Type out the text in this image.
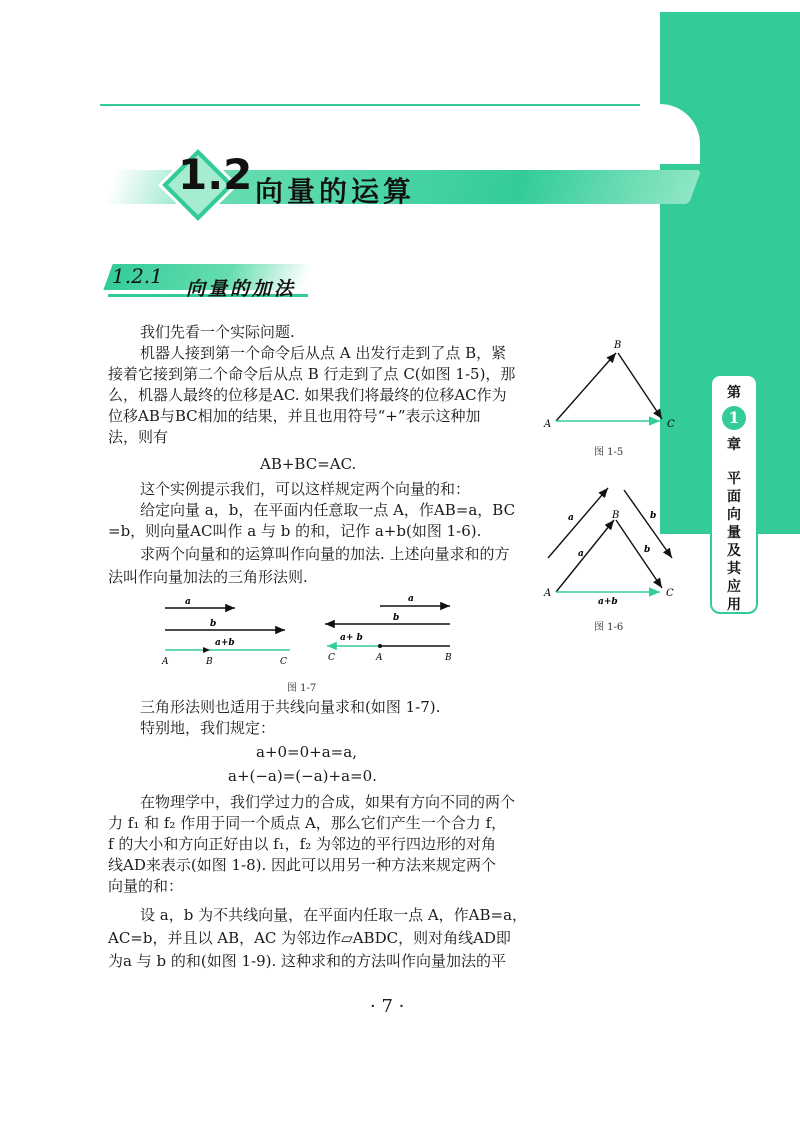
第
1
章
平
面
向
量
及
其
应
用
1.2 向量的运算
1.2.1
向量的加法
我们先看一个实际问题.
机器人接到第一个命令后从点 A 出发行走到了点 B，紧
接着它接到第二个命令后从点 B 行走到了点 C(如图 1-5)，那
么，机器人最终的位移是AC. 如果我们将最终的位移AC作为
位移AB与BC相加的结果，并且也用符号“+”表示这种加
法，则有
AB+BC=AC.
这个实例提示我们，可以这样规定两个向量的和：
给定向量 a，b，在平面内任意取一点 A，作AB=a，BC
=b，则向量AC叫作 a 与 b 的和，记作 a+b(如图 1-6).
求两个向量和的运算叫作向量的加法. 上述向量求和的方
法叫作向量加法的三角形法则.
a
b
a+b
A	B	C
a
b
a+ b
C	A	B
图 1-7
三角形法则也适用于共线向量求和(如图 1-7).
特别地，我们规定：
a+0=0+a=a,
a+(−a)=(−a)+a=0.
在物理学中，我们学过力的合成，如果有方向不同的两个
力 f₁ 和 f₂ 作用于同一个质点 A，那么它们产生一个合力 f，
f 的大小和方向正好由以 f₁，f₂ 为邻边的平行四边形的对角
线AD来表示(如图 1-8). 因此可以用另一种方法来规定两个
向量的和：
设 a，b 为不共线向量，在平面内任取一点 A，作AB=a，
AC=b，并且以 AB，AC 为邻边作▱ABDC，则对角线AD即
为a 与 b 的和(如图 1-9). 这种求和的方法叫作向量加法的平
A
B
C
图 1-5
a	b
a	b
A
B
C
a+b
图 1-6
· 7 ·
